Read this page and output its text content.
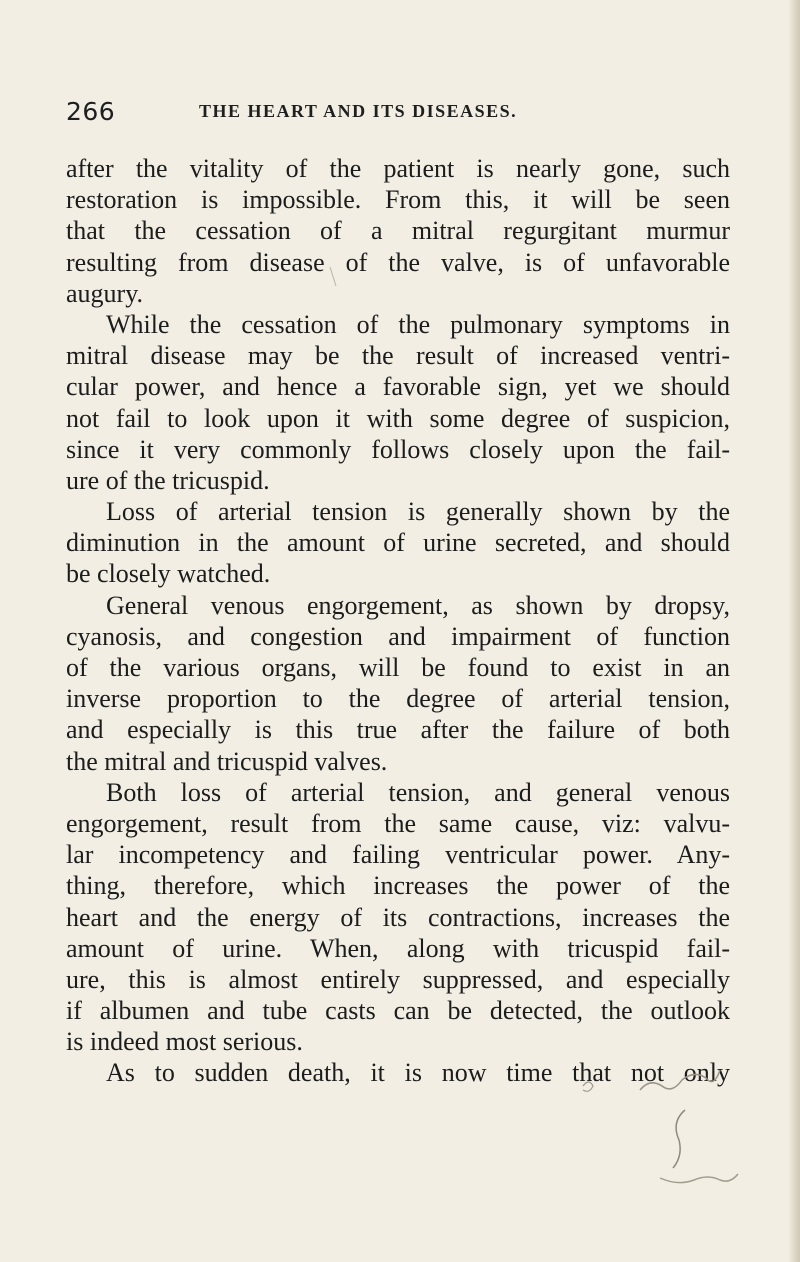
266	THE HEART AND ITS DISEASES.
after the vitality of the patient is nearly gone, such
restoration is impossible. From this, it will be seen
that the cessation of a mitral regurgitant murmur
resulting from disease of the valve, is of unfavorable
augury.
While the cessation of the pulmonary symptoms in
mitral disease may be the result of increased ventri-
cular power, and hence a favorable sign, yet we should
not fail to look upon it with some degree of suspicion,
since it very commonly follows closely upon the fail-
ure of the tricuspid.
Loss of arterial tension is generally shown by the
diminution in the amount of urine secreted, and should
be closely watched.
General venous engorgement, as shown by dropsy,
cyanosis, and congestion and impairment of function
of the various organs, will be found to exist in an
inverse proportion to the degree of arterial tension,
and especially is this true after the failure of both
the mitral and tricuspid valves.
Both loss of arterial tension, and general venous
engorgement, result from the same cause, viz: valvu-
lar incompetency and failing ventricular power. Any-
thing, therefore, which increases the power of the
heart and the energy of its contractions, increases the
amount of urine. When, along with tricuspid fail-
ure, this is almost entirely suppressed, and especially
if albumen and tube casts can be detected, the outlook
is indeed most serious.
As to sudden death, it is now time that not only
